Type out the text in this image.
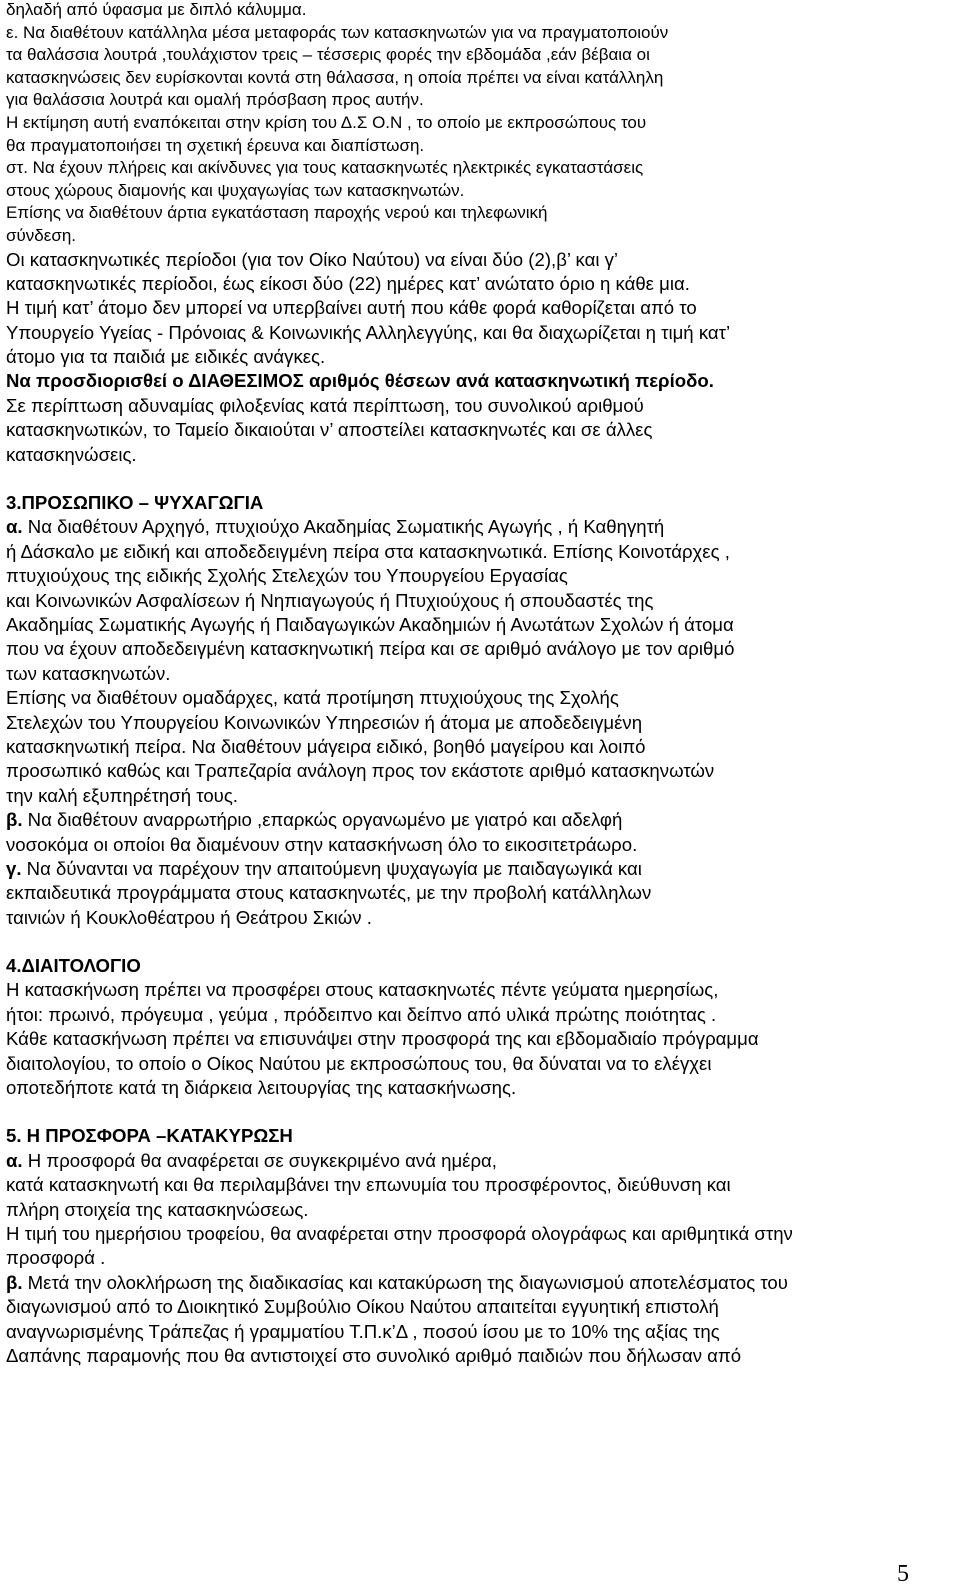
δηλαδή από ύφασμα με διπλό κάλυμμα.
ε. Να διαθέτουν κατάλληλα μέσα μεταφοράς των κατασκηνωτών για να πραγματοποιούν
τα θαλάσσια λουτρά ,τουλάχιστον τρεις – τέσσερις φορές την εβδομάδα ,εάν βέβαια οι
κατασκηνώσεις δεν ευρίσκονται κοντά στη θάλασσα, η οποία πρέπει να είναι κατάλληλη
για θαλάσσια λουτρά και ομαλή πρόσβαση προς αυτήν.
Η εκτίμηση αυτή εναπόκειται στην κρίση του Δ.Σ Ο.Ν , το οποίο με εκπροσώπους του
θα πραγματοποιήσει τη σχετική έρευνα και διαπίστωση.
στ. Να έχουν πλήρεις και ακίνδυνες για τους κατασκηνωτές ηλεκτρικές εγκαταστάσεις
στους χώρους διαμονής και ψυχαγωγίας των κατασκηνωτών.
Επίσης να διαθέτουν άρτια εγκατάσταση παροχής νερού και τηλεφωνική
σύνδεση.
Οι κατασκηνωτικές περίοδοι (για τον Οίκο Ναύτου) να είναι δύο (2),β’ και γ’
κατασκηνωτικές περίοδοι, έως είκοσι δύο (22) ημέρες κατ’ ανώτατο όριο η κάθε μια.
Η τιμή κατ’ άτομο δεν μπορεί να υπερβαίνει αυτή που κάθε φορά καθορίζεται από το
Υπουργείο Υγείας - Πρόνοιας & Κοινωνικής Αλληλεγγύης, και θα διαχωρίζεται η τιμή κατ’
άτομο για τα παιδιά με ειδικές ανάγκες.
Να προσδιορισθεί ο ΔΙΑΘΕΣΙΜΟΣ αριθμός θέσεων ανά κατασκηνωτική περίοδο.
Σε περίπτωση αδυναμίας φιλοξενίας κατά περίπτωση, του συνολικού αριθμού
κατασκηνωτικών, το Ταμείο δικαιούται ν’ αποστείλει κατασκηνωτές και σε άλλες
κατασκηνώσεις.
3.ΠΡΟΣΩΠΙΚΟ – ΨΥΧΑΓΩΓΙΑ
α. Να διαθέτουν Αρχηγό, πτυχιούχο Ακαδημίας Σωματικής Αγωγής , ή Καθηγητή
ή Δάσκαλο με ειδική και αποδεδειγμένη πείρα στα κατασκηνωτικά. Επίσης Κοινοτάρχες ,
πτυχιούχους της ειδικής Σχολής Στελεχών του Υπουργείου Εργασίας
και Κοινωνικών Ασφαλίσεων ή Νηπιαγωγούς ή Πτυχιούχους ή σπουδαστές της
Ακαδημίας Σωματικής Αγωγής ή Παιδαγωγικών Ακαδημιών ή Ανωτάτων Σχολών ή άτομα
που να έχουν αποδεδειγμένη κατασκηνωτική πείρα και σε αριθμό ανάλογο με τον αριθμό
των κατασκηνωτών.
Επίσης να διαθέτουν ομαδάρχες, κατά προτίμηση πτυχιούχους της Σχολής
Στελεχών του Υπουργείου Κοινωνικών Υπηρεσιών ή άτομα με αποδεδειγμένη
κατασκηνωτική πείρα. Να διαθέτουν μάγειρα ειδικό, βοηθό μαγείρου και λοιπό
προσωπικό καθώς και Τραπεζαρία ανάλογη προς τον εκάστοτε αριθμό κατασκηνωτών
την καλή εξυπηρέτησή τους.
β. Να διαθέτουν αναρρωτήριο ,επαρκώς οργανωμένο με γιατρό και αδελφή
νοσοκόμα οι οποίοι θα διαμένουν στην κατασκήνωση όλο το εικοσιτετράωρο.
γ. Να δύνανται να παρέχουν την απαιτούμενη ψυχαγωγία με παιδαγωγικά και
εκπαιδευτικά προγράμματα στους κατασκηνωτές, με την προβολή κατάλληλων
ταινιών ή Κουκλοθέατρου ή Θεάτρου Σκιών .
4.ΔΙΑΙΤΟΛΟΓΙΟ
Η κατασκήνωση πρέπει να προσφέρει στους κατασκηνωτές πέντε γεύματα ημερησίως,
ήτοι: πρωινό, πρόγευμα , γεύμα , πρόδειπνο και δείπνο από υλικά πρώτης ποιότητας .
Κάθε κατασκήνωση πρέπει να επισυνάψει στην προσφορά της και εβδομαδιαίο πρόγραμμα
διαιτολογίου, το οποίο ο Οίκος Ναύτου με εκπροσώπους του, θα δύναται να το ελέγχει
οποτεδήποτε κατά τη διάρκεια λειτουργίας της κατασκήνωσης.
5. Η ΠΡΟΣΦΟΡΑ –ΚΑΤΑΚΥΡΩΣΗ
α. Η προσφορά θα αναφέρεται σε συγκεκριμένο ανά ημέρα,
κατά κατασκηνωτή και θα περιλαμβάνει την επωνυμία του προσφέροντος, διεύθυνση και
πλήρη στοιχεία της κατασκηνώσεως.
Η τιμή του ημερήσιου τροφείου, θα αναφέρεται στην προσφορά ολογράφως και αριθμητικά στην
προσφορά .
β. Μετά την ολοκλήρωση της διαδικασίας και κατακύρωση της διαγωνισμού αποτελέσματος του
διαγωνισμού από το Διοικητικό Συμβούλιο Οίκου Ναύτου απαιτείται εγγυητική επιστολή
αναγνωρισμένης Τράπεζας ή γραμματίου Τ.Π.κ’Δ , ποσού ίσου με το 10% της αξίας της
Δαπάνης παραμονής που θα αντιστοιχεί στο συνολικό αριθμό παιδιών που δήλωσαν από
5
